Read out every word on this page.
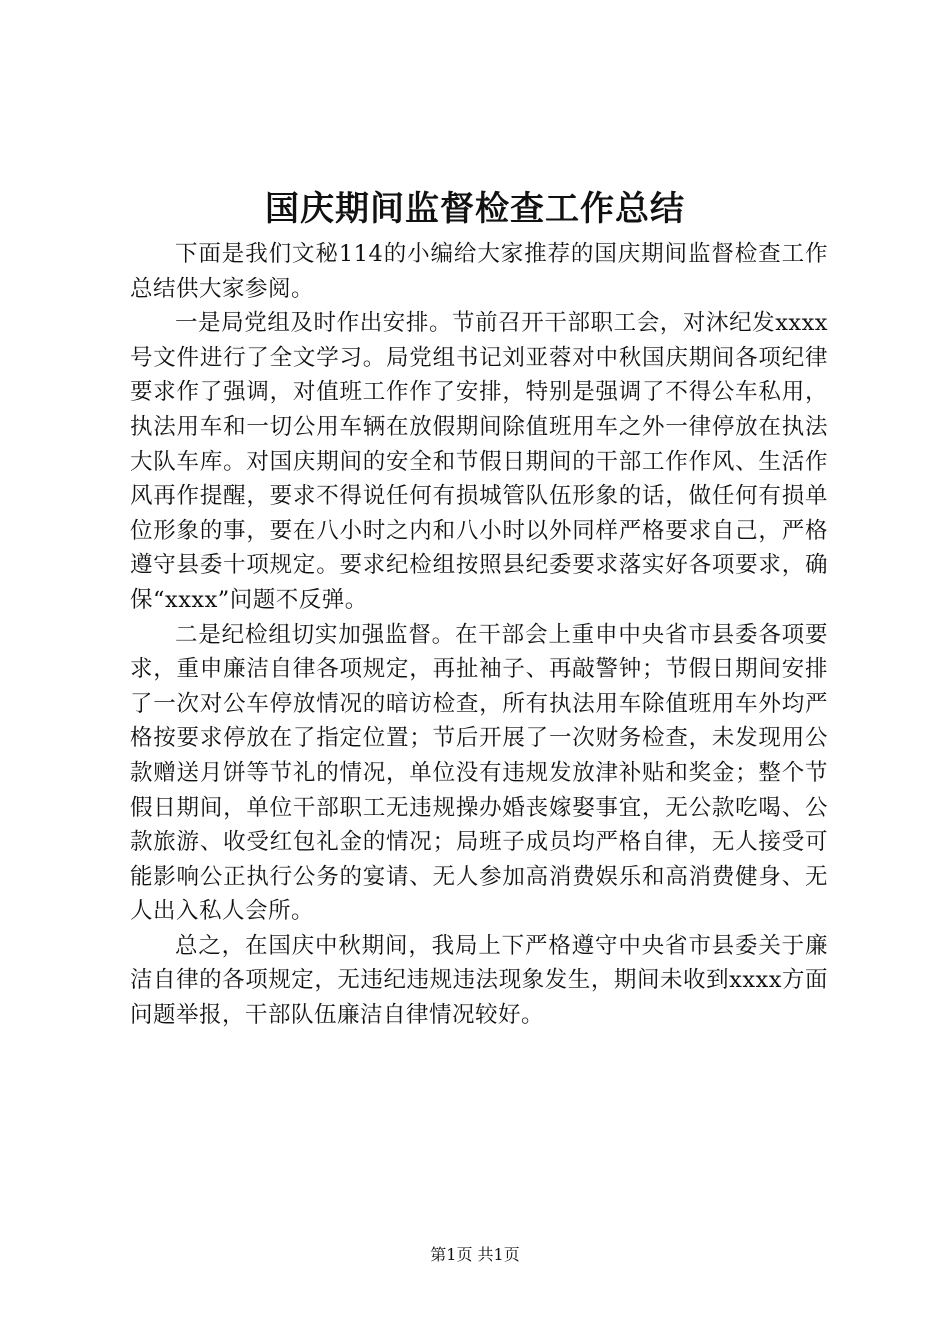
国庆期间监督检查工作总结

下面是我们文秘114的小编给大家推荐的国庆期间监督检查工作总结供大家参阅。

一是局党组及时作出安排。节前召开干部职工会，对沐纪发xxxx号文件进行了全文学习。局党组书记刘亚蓉对中秋国庆期间各项纪律要求作了强调，对值班工作作了安排，特别是强调了不得公车私用，执法用车和一切公用车辆在放假期间除值班用车之外一律停放在执法大队车库。对国庆期间的安全和节假日期间的干部工作作风、生活作风再作提醒，要求不得说任何有损城管队伍形象的话，做任何有损单位形象的事，要在八小时之内和八小时以外同样严格要求自己，严格遵守县委十项规定。要求纪检组按照县纪委要求落实好各项要求，确保“xxxx”问题不反弹。

二是纪检组切实加强监督。在干部会上重申中央省市县委各项要求，重申廉洁自律各项规定，再扯袖子、再敲警钟；节假日期间安排了一次对公车停放情况的暗访检查，所有执法用车除值班用车外均严格按要求停放在了指定位置；节后开展了一次财务检查，未发现用公款赠送月饼等节礼的情况，单位没有违规发放津补贴和奖金；整个节假日期间，单位干部职工无违规操办婚丧嫁娶事宜，无公款吃喝、公款旅游、收受红包礼金的情况；局班子成员均严格自律，无人接受可能影响公正执行公务的宴请、无人参加高消费娱乐和高消费健身、无人出入私人会所。

总之，在国庆中秋期间，我局上下严格遵守中央省市县委关于廉洁自律的各项规定，无违纪违规违法现象发生，期间未收到xxxx方面问题举报，干部队伍廉洁自律情况较好。

第1页 共1页
